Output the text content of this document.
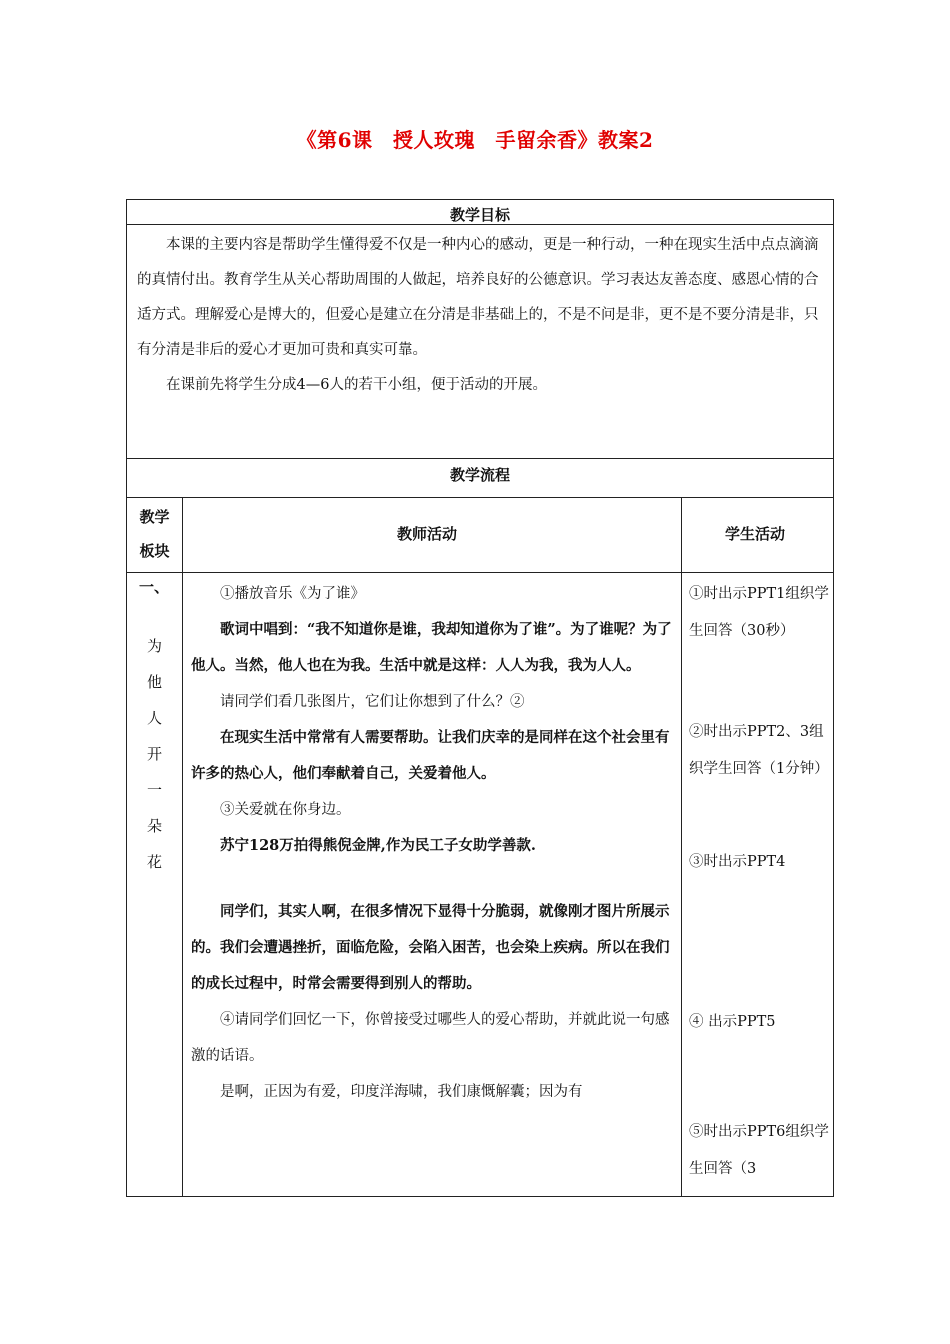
《第6课　授人玫瑰　手留余香》教案2
教学目标

本课的主要内容是帮助学生懂得爱不仅是一种内心的感动，更是一种行动，一种在现实生活中点点滴滴的真情付出。教育学生从关心帮助周围的人做起，培养良好的公德意识。学习表达友善态度、感恩心情的合适方式。理解爱心是博大的，但爱心是建立在分清是非基础上的，不是不问是非，更不是不要分清是非，只有分清是非后的爱心才更加可贵和真实可靠。

在课前先将学生分成4—6人的若干小组，便于活动的开展。

教学流程
教学
板块
教师活动	学生活动
一、
为
他
人
开
一
朵
花

①播放音乐《为了谁》

歌词中唱到：“我不知道你是谁，我却知道你为了谁”。为了谁呢？为了他人。当然，他人也在为我。生活中就是这样：人人为我，我为人人。

请同学们看几张图片，它们让你想到了什么？②

在现实生活中常常有人需要帮助。让我们庆幸的是同样在这个社会里有许多的热心人，他们奉献着自己，关爱着他人。

③关爱就在你身边。

苏宁128万拍得熊倪金牌,作为民工子女助学善款.

同学们，其实人啊，在很多情况下显得十分脆弱，就像刚才图片所展示的。我们会遭遇挫折，面临危险，会陷入困苦，也会染上疾病。所以在我们的成长过程中，时常会需要得到别人的帮助。

④请同学们回忆一下，你曾接受过哪些人的爱心帮助，并就此说一句感激的话语。

是啊，正因为有爱，印度洋海啸，我们康慨解囊；因为有

①时出示PPT1组织学生回答（30秒）
②时出示PPT2、3组织学生回答（1分钟）
③时出示PPT4
④ 出示PPT5
⑤时出示PPT6组织学生回答（3
